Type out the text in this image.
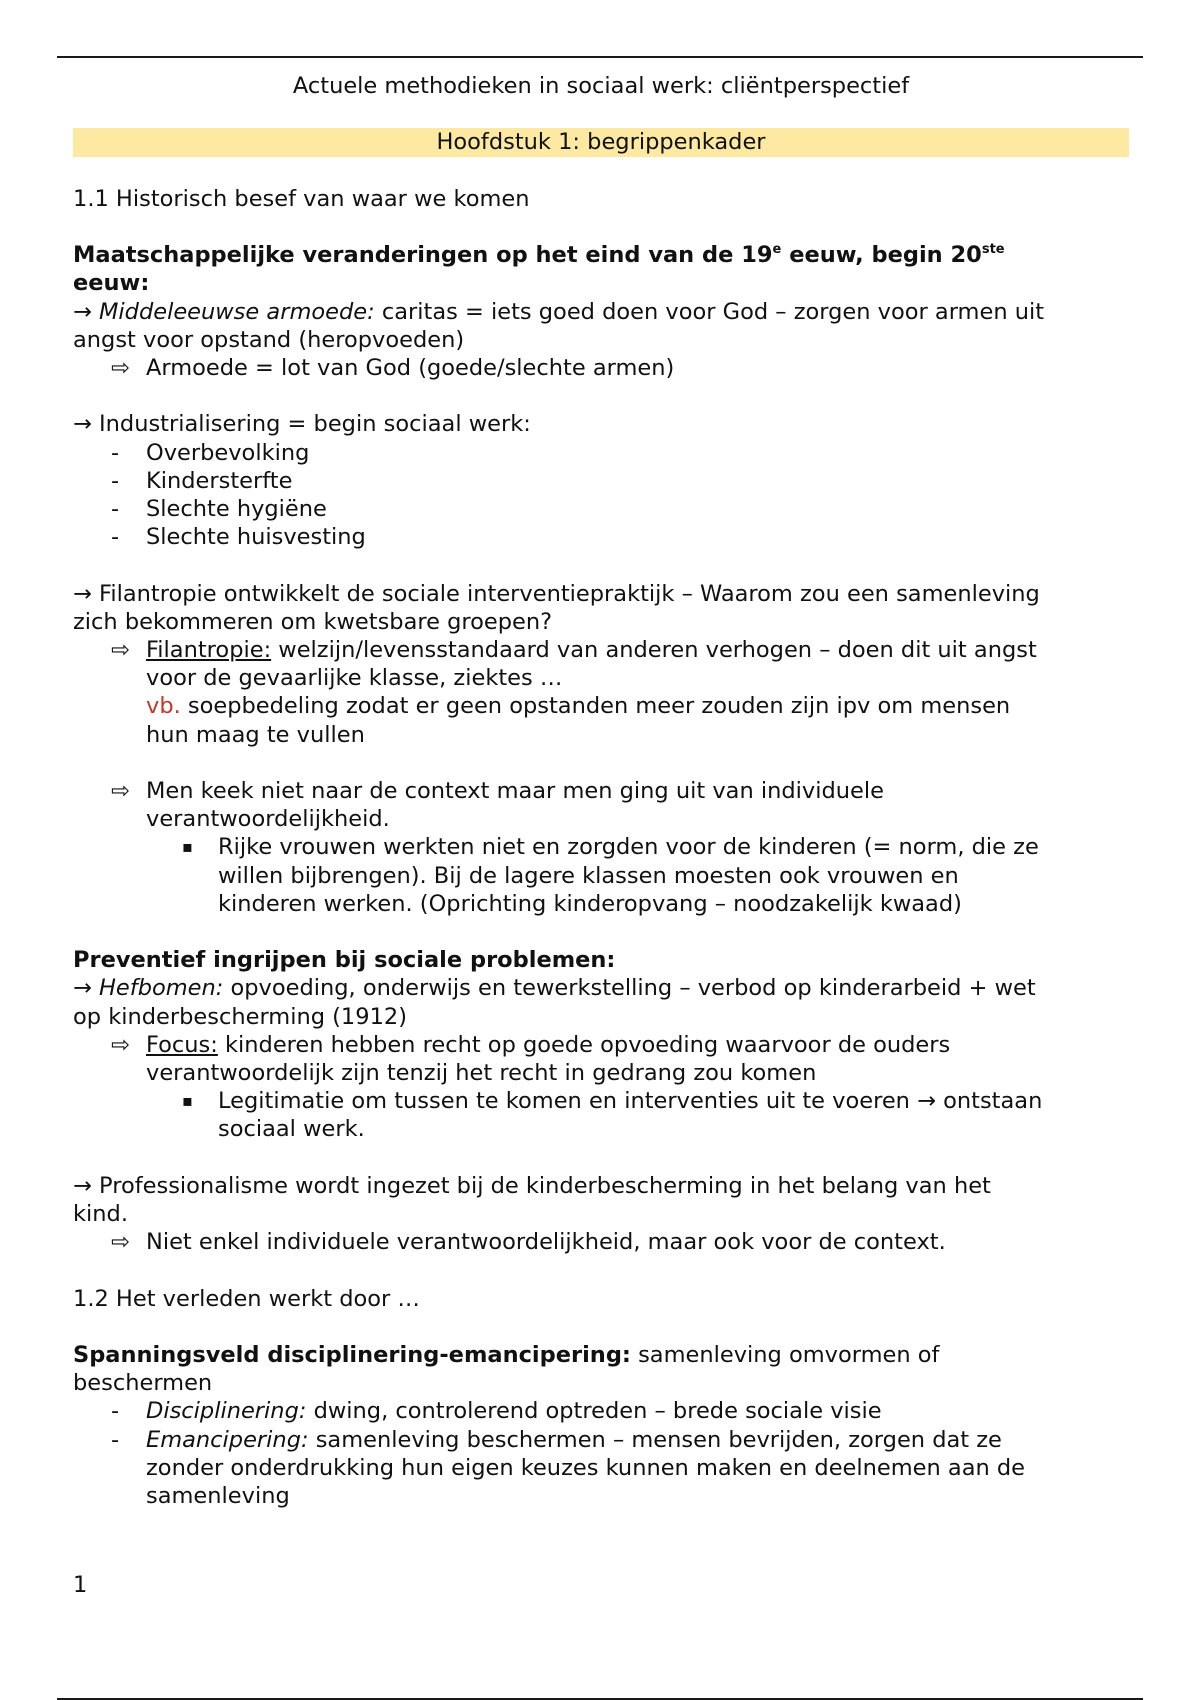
Actuele methodieken in sociaal werk: cliëntperspectief
Hoofdstuk 1: begrippenkader
1.1 Historisch besef van waar we komen
Maatschappelijke veranderingen op het eind van de 19e eeuw, begin 20ste
eeuw:
→ Middeleeuwse armoede: caritas = iets goed doen voor God – zorgen voor armen uit
angst voor opstand (heropvoeden)
⇨ Armoede = lot van God (goede/slechte armen)
→ Industrialisering = begin sociaal werk:
- Overbevolking
- Kindersterfte
- Slechte hygiëne
- Slechte huisvesting
→ Filantropie ontwikkelt de sociale interventiepraktijk – Waarom zou een samenleving
zich bekommeren om kwetsbare groepen?
⇨ Filantropie: welzijn/levensstandaard van anderen verhogen – doen dit uit angst
voor de gevaarlijke klasse, ziektes …
vb. soepbedeling zodat er geen opstanden meer zouden zijn ipv om mensen
hun maag te vullen
⇨ Men keek niet naar de context maar men ging uit van individuele
verantwoordelijkheid.
▪ Rijke vrouwen werkten niet en zorgden voor de kinderen (= norm, die ze
willen bijbrengen). Bij de lagere klassen moesten ook vrouwen en
kinderen werken. (Oprichting kinderopvang – noodzakelijk kwaad)
Preventief ingrijpen bij sociale problemen:
→ Hefbomen: opvoeding, onderwijs en tewerkstelling – verbod op kinderarbeid + wet
op kinderbescherming (1912)
⇨ Focus: kinderen hebben recht op goede opvoeding waarvoor de ouders
verantwoordelijk zijn tenzij het recht in gedrang zou komen
▪ Legitimatie om tussen te komen en interventies uit te voeren → ontstaan
sociaal werk.
→ Professionalisme wordt ingezet bij de kinderbescherming in het belang van het
kind.
⇨ Niet enkel individuele verantwoordelijkheid, maar ook voor de context.
1.2 Het verleden werkt door …
Spanningsveld disciplinering-emancipering: samenleving omvormen of
beschermen
- Disciplinering: dwing, controlerend optreden – brede sociale visie
- Emancipering: samenleving beschermen – mensen bevrijden, zorgen dat ze
zonder onderdrukking hun eigen keuzes kunnen maken en deelnemen aan de
samenleving
1
